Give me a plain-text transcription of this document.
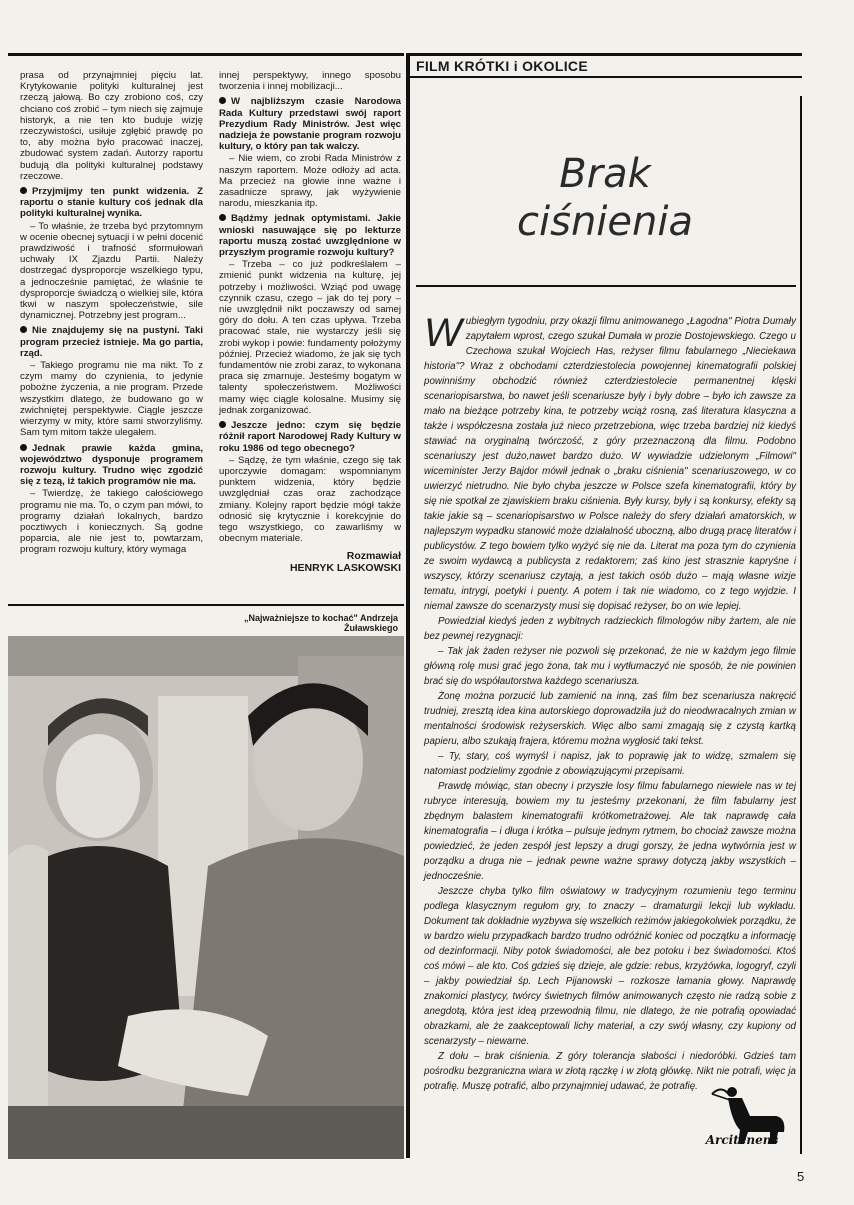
prasa od przynajmniej pięciu lat. Krytykowanie polityki kulturalnej jest rzeczą jałową. Bo czy zrobiono coś, czy chciano coś zrobić – tym niech się zajmuje historyk, a nie ten kto buduje wizję rzeczywistości, usiłuje zgłębić prawdę po to, aby można było pracować inaczej, zbudować system zadań. Autorzy raportu budują dla polityki kulturalnej podstawy rzeczowe.

Przyjmijmy ten punkt widzenia. Z raportu o stanie kultury coś jednak dla polityki kulturalnej wynika.

– To właśnie, że trzeba być przytomnym w ocenie obecnej sytuacji i w pełni docenić prawdziwość i trafność sformułowań uchwały IX Zjazdu Partii. Należy dostrzegać dysproporcje wszelkiego typu, a jednocześnie pamiętać, że właśnie te dysproporcje świadczą o wielkiej sile, która tkwi w naszym społeczeństwie, sile dynamicznej. Potrzebny jest program...

Nie znajdujemy się na pustyni. Taki program przecież istnieje. Ma go partia, rząd.

– Takiego programu nie ma nikt. To z czym mamy do czynienia, to jedynie pobożne życzenia, a nie program. Przede wszystkim dlatego, że budowano go w zwichniętej perspektywie. Ciągle jeszcze wierzymy w mity, które sami stworzyliśmy. Sam tym mitom także ulegałem.

Jednak prawie każda gmina, województwo dysponuje programem rozwoju kultury. Trudno więc zgodzić się z tezą, iż takich programów nie ma.

– Twierdzę, że takiego całościowego programu nie ma. To, o czym pan mówi, to programy działań lokalnych, bardzo pocztiwych i koniecznych. Są godne poparcia, ale nie jest to, powtarzam, program rozwoju kultury, który wymaga

innej perspektywy, innego sposobu tworzenia i innej mobilizacji...

W najbliższym czasie Narodowa Rada Kultury przedstawi swój raport Prezydium Rady Ministrów. Jest więc nadzieja że powstanie program rozwoju kultury, o który pan tak walczy.

– Nie wiem, co zrobi Rada Ministrów z naszym raportem. Może odłoży ad acta. Ma przecież na głowie inne ważne i zasadnicze sprawy, jak wyżywienie narodu, mieszkania itp.

Bądźmy jednak optymistami. Jakie wnioski nasuwające się po lekturze raportu muszą zostać uwzględnione w przyszłym programie rozwoju kultury?

– Trzeba – co już podkreślałem – zmienić punkt widzenia na kulturę, jej potrzeby i możliwości. Wziąć pod uwagę czynnik czasu, czego – jak do tej pory – nie uwzględnił nikt poczawszy od samej góry do dołu. A ten czas upływa. Trzeba pracować stale, nie wystarczy jeśli się zrobi wykop i powie: fundamenty położymy później. Przecież wiadomo, że jak się tych fundamentów nie zrobi zaraz, to wykonana praca się zmarnuje. Jesteśmy bogatym w talenty społeczeństwem. Możliwości mamy więc ciągle kolosalne. Musimy się jednak zorganizować.

Jeszcze jedno: czym się będzie różnił raport Narodowej Rady Kultury w roku 1986 od tego obecnego?

– Sądzę, że tym właśnie, czego się tak uporczywie domagam: wspomnianym punktem widzenia, który będzie uwzględniał czas oraz zachodzące zmiany. Kolejny raport będzie mógł także odnosić się krytycznie i korekcyjnie do tego wszystkiego, co zawarliśmy w obecnym materiale.

Rozmawiał
HENRYK LASKOWSKI
„Najważniejsze to kochać" Andrzeja Żuławskiego
FILM KRÓTKI i OKOLICE
Brak
ciśnienia

Wubiegłym tygodniu, przy okazji filmu animowanego „Łagodna" Piotra Dumały zapytałem wprost, czego szukał Dumała w prozie Dostojewskiego. Czego u Czechowa szukał Wojciech Has, reżyser filmu fabularnego „Nieciekawa historia"? Wraz z obchodami czterdziestolecia powojennej kinematografii polskiej powinniśmy obchodzić również czterdziestolecie permanentnej klęski scenariopisarstwa, bo nawet jeśli scenariusze były i były dobre – było ich zawsze za mało na bieżące potrzeby kina, te potrzeby wciąż rosną, zaś literatura klasyczna a także i współczesna została już nieco przetrzebiona, więc trzeba bardziej niż kiedyś stawiać na oryginalną twórczość, z góry przeznaczoną dla filmu. Podobno scenariuszy jest dużo,nawet bardzo dużo. W wywiadzie udzielonym „Filmowi" wiceminister Jerzy Bajdor mówił jednak o „braku ciśnienia" scenariuszowego, w co uwierzyć nietrudno. Nie było chyba jeszcze w Polsce szefa kinematografii, który by się nie spotkał ze zjawiskiem braku ciśnienia. Były kursy, były i są konkursy, efekty są takie jakie są – scenariopisarstwo w Polsce należy do sfery działań amatorskich, w najlepszym wypadku stanowić może działalność uboczną, albo drugą pracę literatów i publicystów. Z tego bowiem tylko wyżyć się nie da. Literat ma poza tym do czynienia ze swoim wydawcą a publicysta z redaktorem; zaś kino jest strasznie kapryśne i wszyscy, którzy scenariusz czytają, a jest takich osób dużo – mają własne wizje tematu, intrygi, poetyki i puenty. A potem i tak nie wiadomo, co z tego wyjdzie. I niemal zawsze do scenarzysty musi się dopisać reżyser, bo on wie lepiej.

Powiedział kiedyś jeden z wybitnych radzieckich filmologów niby żartem, ale nie bez pewnej rezygnacji:

– Tak jak żaden reżyser nie pozwoli się przekonać, że nie w każdym jego filmie główną rolę musi grać jego żona, tak mu i wytłumaczyć nie sposób, że nie powinien brać się do współautorstwa każdego scenariusza.

Żonę można porzucić lub zamienić na inną, zaś film bez scenariusza nakręcić trudniej, zresztą idea kina autorskiego doprowadziła już do nieodwracalnych zmian w mentalności środowisk reżyserskich. Więc albo sami zmagają się z czystą kartką papieru, albo szukają frajera, któremu można wygłosić taki tekst.

– Ty, stary, coś wymyśl i napisz, jak to poprawię jak to widzę, szmalem się natomiast podzielimy zgodnie z obowiązującymi przepisami.

Prawdę mówiąc, stan obecny i przyszłe losy filmu fabularnego niewiele nas w tej rubryce interesują, bowiem my tu jesteśmy przekonani, że film fabularny jest zbędnym balastem kinematografii krótkometrażowej. Ale tak naprawdę cała kinematografia – i długa i krótka – pulsuje jednym rytmem, bo chociaż zawsze można powiedzieć, że jeden zespół jest lepszy a drugi gorszy, że jedna wytwórnia jest w porządku a druga nie – jednak pewne ważne sprawy dotyczą jakby wszystkich – jednocześnie.

Jeszcze chyba tylko film oświatowy w tradycyjnym rozumieniu tego terminu podlega klasycznym regułom gry, to znaczy – dramaturgii lekcji lub wykładu. Dokument tak dokładnie wyzbywa się wszelkich reżimów jakiegokolwiek porządku, że w bardzo wielu przypadkach bardzo trudno odróżnić koniec od początku a informację od dezinformacji. Niby potok świadomości, ale bez potoku i bez świadomości. Ktoś coś mówi – ale kto. Coś gdzieś się dzieje, ale gdzie: rebus, krzyżówka, logogryf, czyli – jakby powiedział śp. Lech Pijanowski – rozkosze łamania głowy. Naprawdę znakomici plastycy, twórcy świetnych filmów animowanych często nie radzą sobie z anegdotą, która jest ideą przewodnią filmu, nie dlatego, że nie potrafią opowiadać obrazkami, ale że zaakceptowali lichy materiał, a czy swój własny, czy kupiony od scenarzysty – niewarne.

Z dołu – brak ciśnienia. Z góry tolerancja słabości i niedoróbki. Gdzieś tam pośrodku bezgraniczna wiara w złotą rączkę i w złotą główkę. Nikt nie potrafi, więc ja potrafię. Muszę potrafić, albo przynajmniej udawać, że potrafię.

Arcitenens
5
